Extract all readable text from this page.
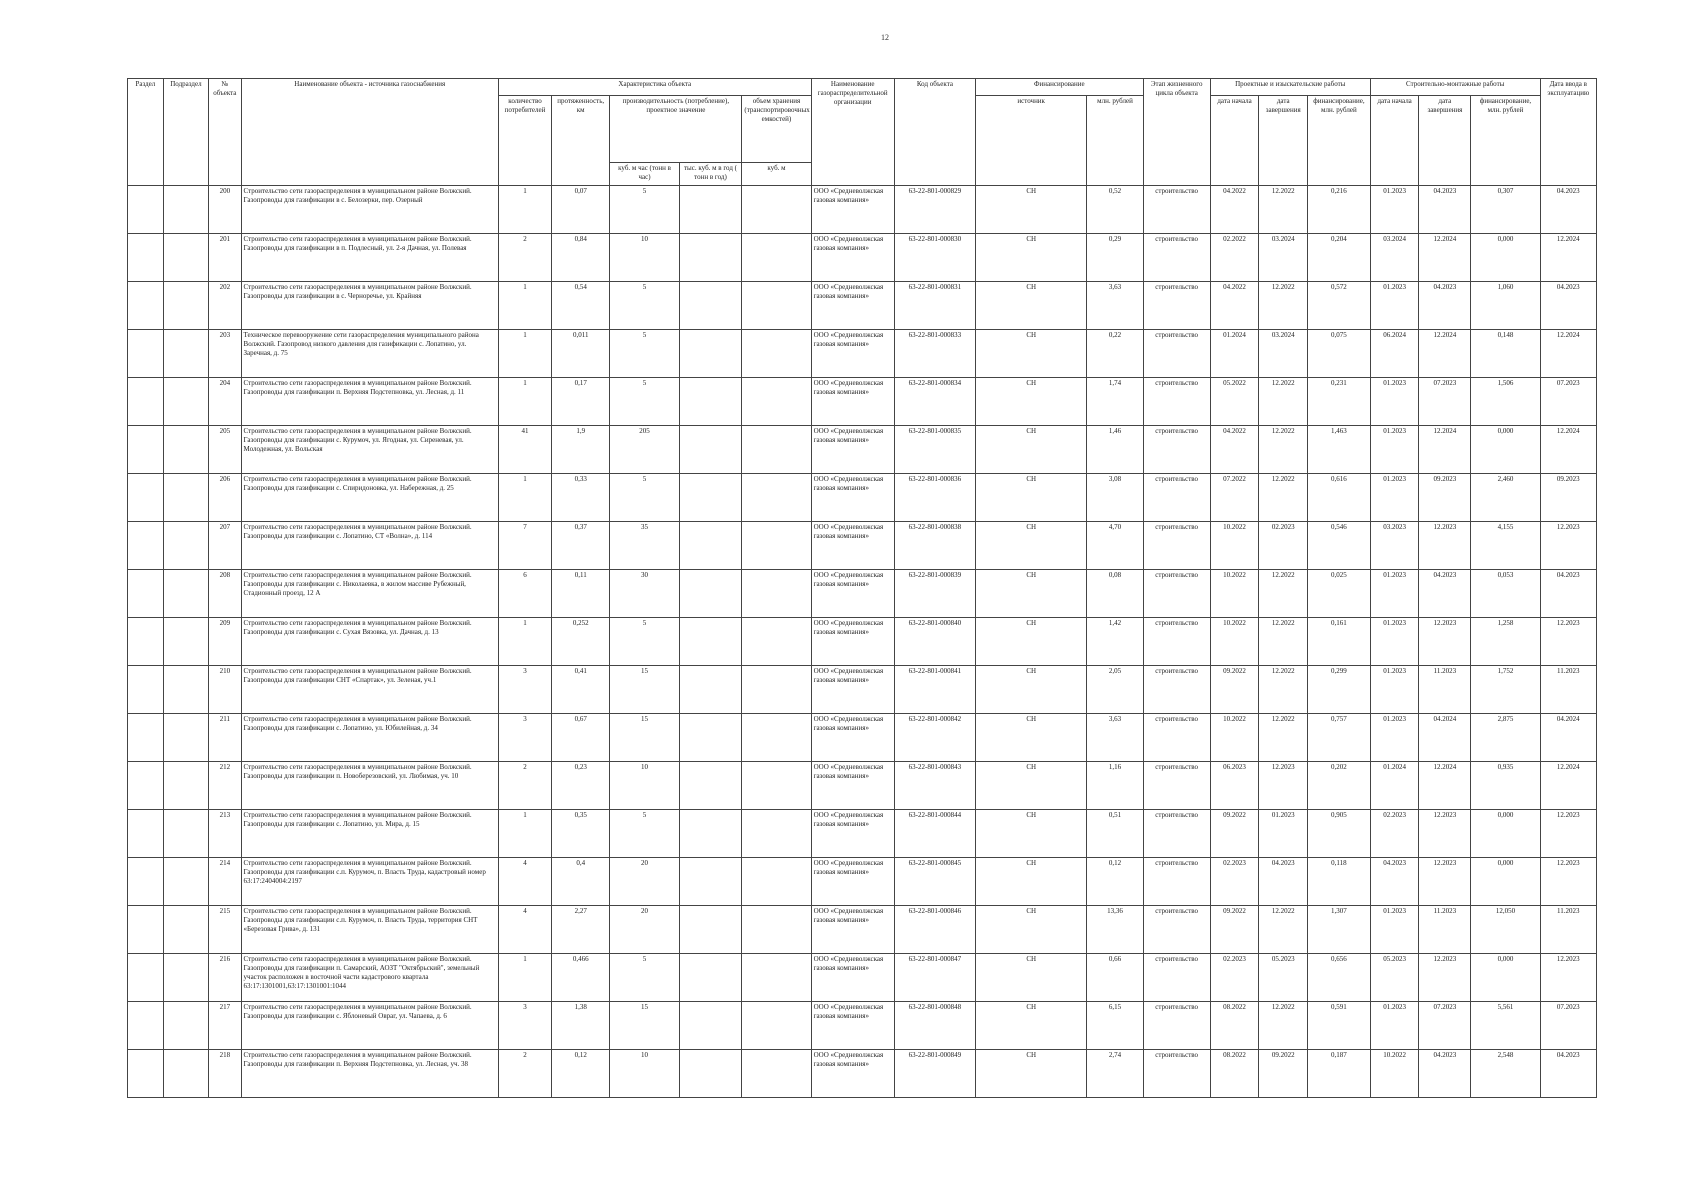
12
Раздел	Подраздел	№ объекта	Наименование объекта - источника газоснабжения	Характеристика объекта					Наименование газораспределительной организации	Код объекта	Финансирование		Этап жизненного цикла объекта	Проектные и изыскательские работы			Строительно-монтажные работы			Дата ввода в эксплуатацию
				количество потребителей	протяженность, км	производительность (потребление), проектное значение		объем хранения (транспортировочных емкостей)			источник	млн. рублей		дата начала	дата завершения	финансирование, млн. рублей	дата начала	дата завершения	финансирование, млн. рублей	
						куб. м час (тонн в час)	тыс. куб. м в год ( тонн в год)	куб. м												
		200	Строительство сети газораспределения в муниципальном районе Волжский. Газопроводы для газификации в с. Белозерки, пер. Озерный	1	0,07	5			ООО «Средневолжская газовая компания»	63-22-801-000829	СН	0,52	строительство	04.2022	12.2022	0,216	01.2023	04.2023	0,307	04.2023
		201	Строительство сети газораспределения в муниципальном районе Волжский. Газопроводы для газификации в п. Подлесный, ул. 2-я Дачная, ул. Полевая	2	0,84	10			ООО «Средневолжская газовая компания»	63-22-801-000830	СН	0,29	строительство	02.2022	03.2024	0,204	03.2024	12.2024	0,000	12.2024
		202	Строительство сети газораспределения в муниципальном районе Волжский. Газопроводы для газификации в с. Черноречье, ул. Крайняя	1	0,54	5			ООО «Средневолжская газовая компания»	63-22-801-000831	СН	3,63	строительство	04.2022	12.2022	0,572	01.2023	04.2023	1,060	04.2023
		203	Техническое перевооружение сети газораспределения муниципального района Волжский. Газопровод низкого давления для газификации с. Лопатино, ул. Заречная, д. 75	1	0,011	5			ООО «Средневолжская газовая компания»	63-22-801-000833	СН	0,22	строительство	01.2024	03.2024	0,075	06.2024	12.2024	0,148	12.2024
		204	Строительство сети газораспределения в муниципальном районе Волжский. Газопроводы для газификации п. Верхняя Подстепновка, ул. Лесная, д. 11	1	0,17	5			ООО «Средневолжская газовая компания»	63-22-801-000834	СН	1,74	строительство	05.2022	12.2022	0,231	01.2023	07.2023	1,506	07.2023
		205	Строительство сети газораспределения в муниципальном районе Волжский. Газопроводы для газификации с. Курумоч, ул. Ягодная, ул. Сиреневая, ул. Молодежная, ул. Вольская	41	1,9	205			ООО «Средневолжская газовая компания»	63-22-801-000835	СН	1,46	строительство	04.2022	12.2022	1,463	01.2023	12.2024	0,000	12.2024
		206	Строительство сети газораспределения в муниципальном районе Волжский. Газопроводы для газификации с. Спиридоновка, ул. Набережная, д. 25	1	0,33	5			ООО «Средневолжская газовая компания»	63-22-801-000836	СН	3,08	строительство	07.2022	12.2022	0,616	01.2023	09.2023	2,460	09.2023
		207	Строительство сети газораспределения в муниципальном районе Волжский. Газопроводы для газификации с. Лопатино, СТ «Волна», д. 114	7	0,37	35			ООО «Средневолжская газовая компания»	63-22-801-000838	СН	4,70	строительство	10.2022	02.2023	0,546	03.2023	12.2023	4,155	12.2023
		208	Строительство сети газораспределения в муниципальном районе Волжский. Газопроводы для газификации с. Николаевка, в жилом массиве Рубежный, Стадионный проезд, 12 А	6	0,11	30			ООО «Средневолжская газовая компания»	63-22-801-000839	СН	0,08	строительство	10.2022	12.2022	0,025	01.2023	04.2023	0,053	04.2023
		209	Строительство сети газораспределения в муниципальном районе Волжский. Газопроводы для газификации с. Сухая Вязовка, ул. Дачная, д. 13	1	0,252	5			ООО «Средневолжская газовая компания»	63-22-801-000840	СН	1,42	строительство	10.2022	12.2022	0,161	01.2023	12.2023	1,258	12.2023
		210	Строительство сети газораспределения в муниципальном районе Волжский. Газопроводы для газификации СНТ «Спартак», ул. Зеленая, уч.1	3	0,41	15			ООО «Средневолжская газовая компания»	63-22-801-000841	СН	2,05	строительство	09.2022	12.2022	0,299	01.2023	11.2023	1,752	11.2023
		211	Строительство сети газораспределения в муниципальном районе Волжский. Газопроводы для газификации с. Лопатино, ул. Юбилейная, д. 34	3	0,67	15			ООО «Средневолжская газовая компания»	63-22-801-000842	СН	3,63	строительство	10.2022	12.2022	0,757	01.2023	04.2024	2,875	04.2024
		212	Строительство сети газораспределения в муниципальном районе Волжский. Газопроводы для газификации п. Новоберезовский, ул. Любимая, уч. 10	2	0,23	10			ООО «Средневолжская газовая компания»	63-22-801-000843	СН	1,16	строительство	06.2023	12.2023	0,202	01.2024	12.2024	0,935	12.2024
		213	Строительство сети газораспределения в муниципальном районе Волжский. Газопроводы для газификации с. Лопатино, ул. Мира, д. 15	1	0,35	5			ООО «Средневолжская газовая компания»	63-22-801-000844	СН	0,51	строительство	09.2022	01.2023	0,905	02.2023	12.2023	0,000	12.2023
		214	Строительство сети газораспределения в муниципальном районе Волжский. Газопроводы для газификации с.п. Курумоч, п. Власть Труда, кадастровый номер 63:17:2404004:2197	4	0,4	20			ООО «Средневолжская газовая компания»	63-22-801-000845	СН	0,12	строительство	02.2023	04.2023	0,118	04.2023	12.2023	0,000	12.2023
		215	Строительство сети газораспределения в муниципальном районе Волжский. Газопроводы для газификации с.п. Курумоч, п. Власть Труда, территория СНТ «Березовая Грива», д. 131	4	2,27	20			ООО «Средневолжская газовая компания»	63-22-801-000846	СН	13,36	строительство	09.2022	12.2022	1,307	01.2023	11.2023	12,050	11.2023
		216	Строительство сети газораспределения в муниципальном районе Волжский. Газопроводы для газификации п. Самарский, АОЗТ "Октябрьский", земельный участок расположен в восточной части кадастрового квартала 63:17:1301001,63:17:1301001:1044	1	0,466	5			ООО «Средневолжская газовая компания»	63-22-801-000847	СН	0,66	строительство	02.2023	05.2023	0,656	05.2023	12.2023	0,000	12.2023
		217	Строительство сети газораспределения в муниципальном районе Волжский. Газопроводы для газификации с. Яблоневый Овраг, ул. Чапаева, д. 6	3	1,38	15			ООО «Средневолжская газовая компания»	63-22-801-000848	СН	6,15	строительство	08.2022	12.2022	0,591	01.2023	07.2023	5,561	07.2023
		218	Строительство сети газораспределения в муниципальном районе Волжский. Газопроводы для газификации п. Верхняя Подстепновка, ул. Лесная, уч. 38	2	0,12	10			ООО «Средневолжская газовая компания»	63-22-801-000849	СН	2,74	строительство	08.2022	09.2022	0,187	10.2022	04.2023	2,548	04.2023
